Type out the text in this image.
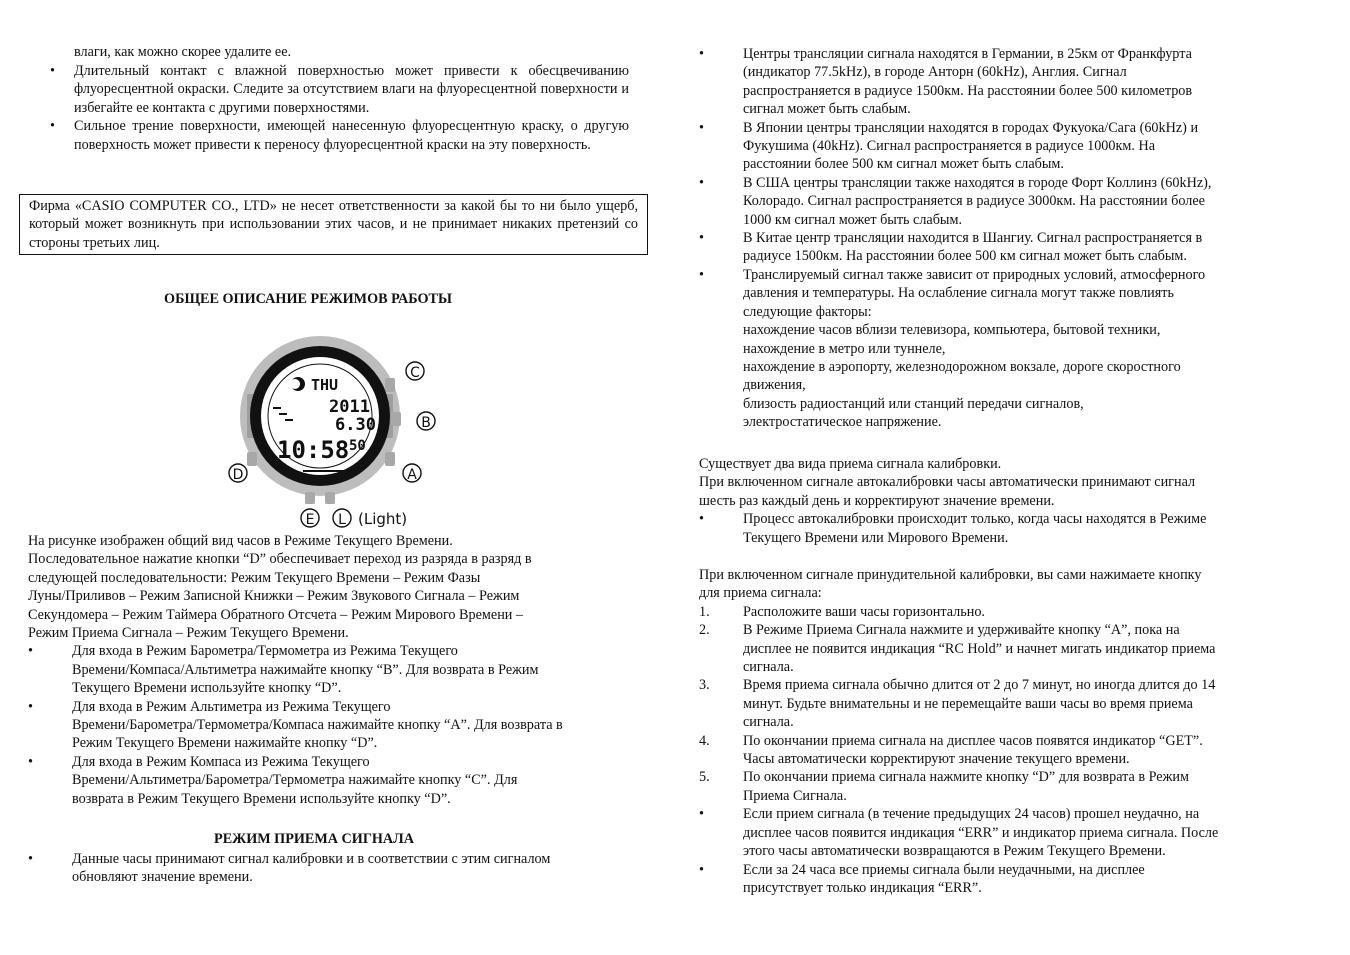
влаги, как можно скорее удалите ее.

•	Длительный контакт с влажной поверхностью может привести к обесцвечиванию флуоресцентной окраски. Следите за отсутствием влаги на флуоресцентной поверхности и избегайте ее контакта с другими поверхностями.
•	Сильное трение поверхности, имеющей нанесенную флуоресцентную краску, о другую поверхность может привести к переносу флуоресцентной краски на эту поверхность.
Фирма «CASIO COMPUTER CO., LTD» не несет ответственности за какой бы то ни было ущерб, который может возникнуть при использовании этих часов, и не принимает никаких претензий со стороны третьих лиц.
ОБЩЕЕ ОПИСАНИЕ РЕЖИМОВ РАБОТЫ
THU
2011
6.30
10:58 50
C
B
A
D
E L (Light)

На рисунке изображен общий вид часов в Режиме Текущего Времени.

Последовательное нажатие кнопки “D” обеспечивает переход из разряда в разряд в

следующей последовательности: Режим Текущего Времени – Режим Фазы

Луны/Приливов – Режим Записной Книжки – Режим Звукового Сигнала – Режим

Секундомера – Режим Таймера Обратного Отсчета – Режим Мирового Времени –

Режим Приема Сигнала – Режим Текущего Времени.

•	Для входа в Режим Барометра/Термометра из Режима Текущего
Времени/Компаса/Альтиметра нажимайте кнопку “B”. Для возврата в Режим
Текущего Времени используйте кнопку “D”.
•	Для входа в Режим Альтиметра из Режима Текущего
Времени/Барометра/Термометра/Компаса нажимайте кнопку “A”. Для возврата в
Режим Текущего Времени нажимайте кнопку “D”.
•	Для входа в Режим Компаса из Режима Текущего
Времени/Альтиметра/Барометра/Термометра нажимайте кнопку “C”. Для
возврата в Режим Текущего Времени используйте кнопку “D”.
РЕЖИМ ПРИЕМА СИГНАЛА
•	Данные часы принимают сигнал калибровки и в соответствии с этим сигналом
обновляют значение времени.
•	Центры трансляции сигнала находятся в Германии, в 25км от Франкфурта
(индикатор 77.5kHz), в городе Анторн (60kHz), Англия. Сигнал
распространяется в радиусе 1500км. На расстоянии более 500 километров
сигнал может быть слабым.
•	В Японии центры трансляции находятся в городах Фукуока/Сага (60kHz) и
Фукушима (40kHz). Сигнал распространяется в радиусе 1000км. На
расстоянии более 500 км сигнал может быть слабым.
•	В США центры трансляции также находятся в городе Форт Коллинз (60kHz),
Колорадо. Сигнал распространяется в радиусе 3000км. На расстоянии более
1000 км сигнал может быть слабым.
•	В Китае центр трансляции находится в Шангиу. Сигнал распространяется в
радиусе 1500км. На расстоянии более 500 км сигнал может быть слабым.
•	Транслируемый сигнал также зависит от природных условий, атмосферного
давления и температуры. На ослабление сигнала могут также повлиять
следующие факторы:
нахождение часов вблизи телевизора, компьютера, бытовой техники,
нахождение в метро или туннеле,
нахождение в аэропорту, железнодорожном вокзале, дороге скоростного
движения,
близость радиостанций или станций передачи сигналов,
электростатическое напряжение.

Существует два вида приема сигнала калибровки.

При включенном сигнале автокалибровки часы автоматически принимают сигнал

шесть раз каждый день и корректируют значение времени.

•	Процесс автокалибровки происходит только, когда часы находятся в Режиме
Текущего Времени или Мирового Времени.

При включенном сигнале принудительной калибровки, вы сами нажимаете кнопку

для приема сигнала:

1.	Расположите ваши часы горизонтально.
2.	В Режиме Приема Сигнала нажмите и удерживайте кнопку “A”, пока на
дисплее не появится индикация “RC Hold” и начнет мигать индикатор приема
сигнала.
3.	Время приема сигнала обычно длится от 2 до 7 минут, но иногда длится до 14
минут. Будьте внимательны и не перемещайте ваши часы во время приема
сигнала.
4.	По окончании приема сигнала на дисплее часов появятся индикатор “GET”.
Часы автоматически корректируют значение текущего времени.
5.	По окончании приема сигнала нажмите кнопку “D” для возврата в Режим
Приема Сигнала.
•	Если прием сигнала (в течение предыдущих 24 часов) прошел неудачно, на
дисплее часов появится индикация “ERR” и индикатор приема сигнала. После
этого часы автоматически возвращаются в Режим Текущего Времени.
•	Если за 24 часа все приемы сигнала были неудачными, на дисплее
присутствует только индикация “ERR”.
